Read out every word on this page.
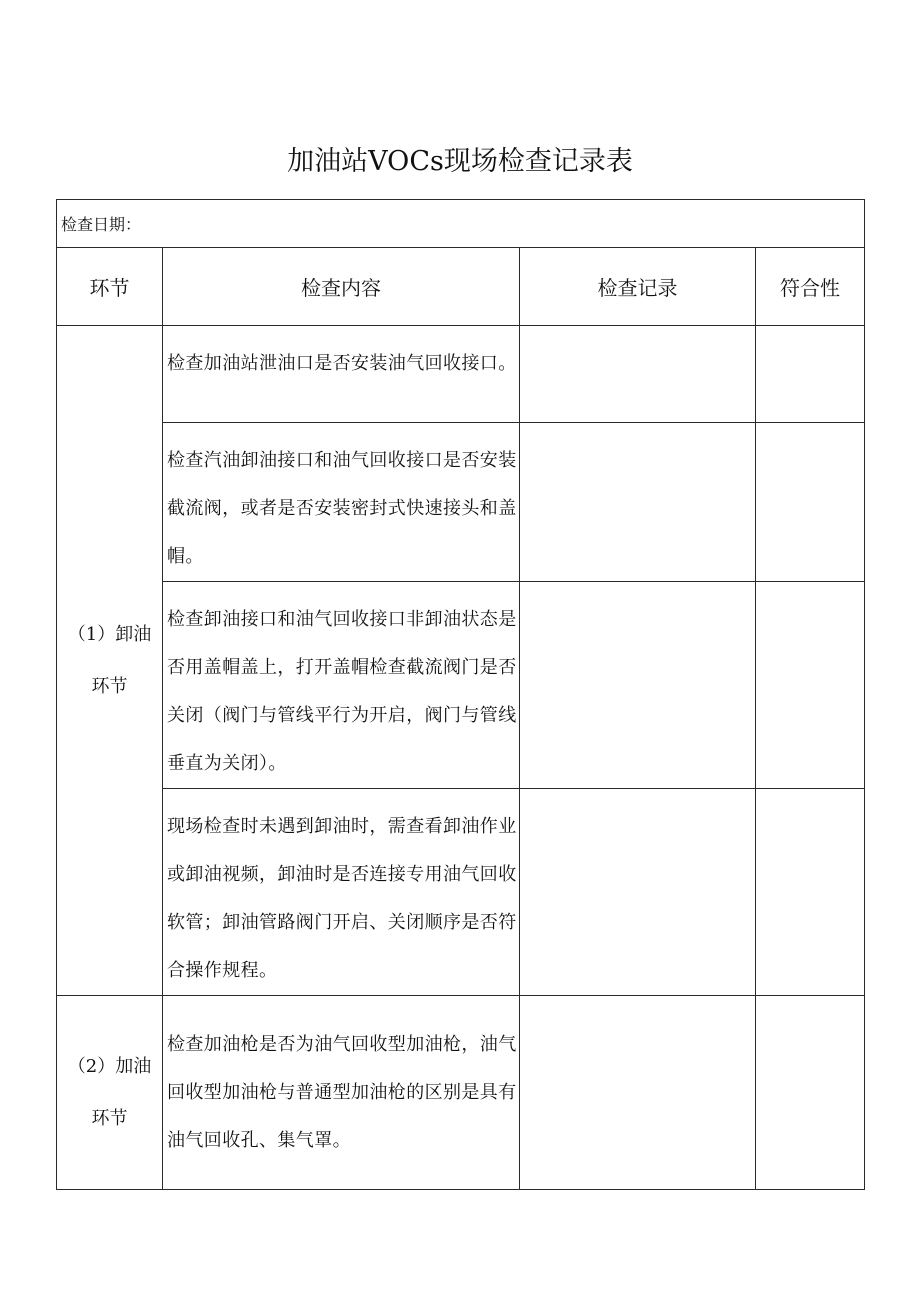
加油站VOCs现场检查记录表
检查日期：			
环节	检查内容	检查记录	符合性

（1）卸油
环节	检查加油站泄油口是否安装油气回收接口。		
	检查汽油卸油接口和油气回收接口是否安装截流阀，或者是否安装密封式快速接头和盖帽。		
	检查卸油接口和油气回收接口非卸油状态是否用盖帽盖上，打开盖帽检查截流阀门是否关闭（阀门与管线平行为开启，阀门与管线垂直为关闭）。		
	现场检查时未遇到卸油时，需查看卸油作业或卸油视频，卸油时是否连接专用油气回收软管；卸油管路阀门开启、关闭顺序是否符合操作规程。		

（2）加油
环节	检查加油枪是否为油气回收型加油枪，油气回收型加油枪与普通型加油枪的区别是具有油气回收孔、集气罩。		
